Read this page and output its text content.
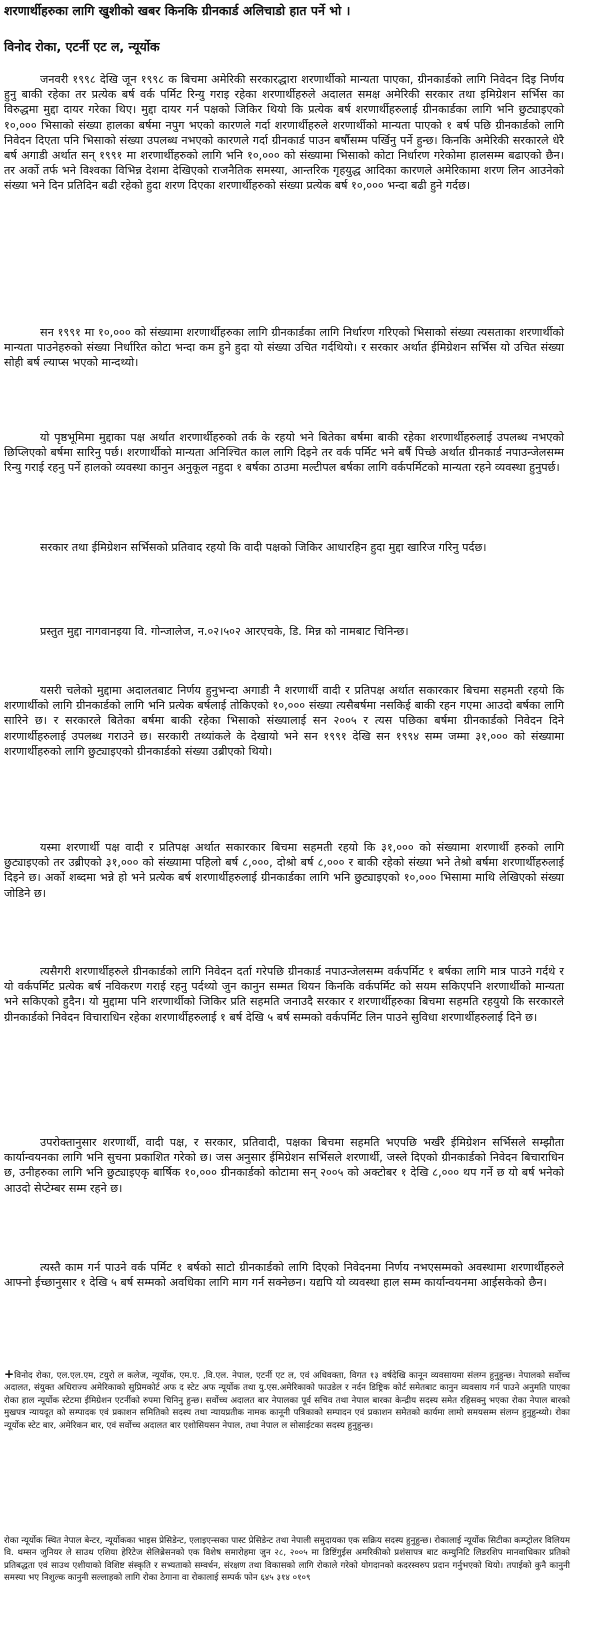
शरणार्थीहरुका लागि खुशीको खबर किनकि ग्रीनकार्ड अलिचाडो हात पर्ने भो ।
विनोद रोका, एटर्नी एट ल, न्यूर्योक
जनवरी १९९८ देखि जून १९९८ क बिचमा अमेरिकी सरकारद्धारा शरणार्थीको मान्यता पाएका, ग्रीनकार्डको लागि निवेदन दिइ निर्णय हुनु बाकी रहेका तर प्रत्येक बर्ष वर्क पर्मिट रिन्यु गराइ रहेका शरणार्थीहरुले अदालत समक्ष अमेरिकी सरकार तथा इमिग्रेशन सर्भिस का विरुद्धमा मुद्दा दायर गरेका थिए। मुद्दा दायर गर्न पक्षको जिकिर थियो कि प्रत्येक बर्ष शरणार्थीहरुलाई ग्रीनकार्डका लागि भनि छुट्याइएको १०,००० भिसाको संख्या हालका बर्षमा नपुग भएको कारणले गर्दा शरणार्थीहरुले शरणार्थीको मान्यता पाएको १ बर्ष पछि ग्रीनकार्डको लागि निवेदन दिएता पनि भिसाको संख्या उपलब्ध नभएको कारणले गर्दा ग्रीनकार्ड पाउन बर्षौसम्म पर्खिनु पर्ने हुन्छ। किनकि अमेरिकी सरकारले धेरै बर्ष अगाडी अर्थात सन् १९९१ मा शरणार्थीहरुको लागि भनि १०,००० को संख्यामा भिसाको कोटा निर्धारण गरेकोमा हालसम्म बढाएको छैन। तर अर्को तर्फ भने विश्वका विभिन्न देशमा देखिएको राजनैतिक समस्या, आन्तरिक गृहयुद्ध आदिका कारणले अमेरिकामा शरण लिन आउनेको संख्या भने दिन प्रतिदिन बढी रहेको हुदा शरण दिएका शरणार्थीहरुको संख्या प्रत्येक बर्ष १०,००० भन्दा बढी हुने गर्दछ।
सन १९९१ मा १०,००० को संख्यामा शरणार्थीहरुका लागि ग्रीनकार्डका लागि निर्धारण गरिएको भिसाको संख्या त्यसताका शरणार्थीको मान्यता पाउनेहरुको संख्या निर्धारित कोटा भन्दा कम हुने हुदा यो संख्या उचित गर्दथियो। र सरकार अर्थात ईमिग्रेशन सर्भिस यो उचित संख्या सोही बर्ष ल्याप्स भएको मान्दथ्यो।
यो पृष्ठभूमिमा मुद्दाका पक्ष अर्थात शरणार्थीहरुको तर्क के रहयो भने बितेका बर्षमा बाकी रहेका शरणार्थीहरुलाई उपलब्ध नभएको छिप्लिएको बर्षमा सारिनु पर्छ। शरणार्थीको मान्यता अनिश्चित काल लागि दिइने तर वर्क पर्मिट भने बर्षै पिच्छे अर्थात ग्रीनकार्ड नपाउन्जेलसम्म रिन्यु गराई रहनु पर्ने हालको व्यवस्था कानुन अनुकूल नहुदा १ बर्षका ठाउमा मल्टीपल बर्षका लागि वर्कपर्मिटको मान्यता रहने व्यवस्था हुनुपर्छ।
सरकार तथा ईमिग्रेशन सर्भिसको प्रतिवाद रहयो कि वादी पक्षको जिकिर आधारहिन हुदा मुद्दा खारिज गरिनु पर्दछ।
प्रस्तुत मुद्दा नागवानइया वि. गोन्जालेज, न.०२।५०२ आरएचके, डि. मिन्न को नामबाट चिनिन्छ।
यसरी चलेको मुद्दामा अदालतबाट निर्णय हुनुभन्दा अगाडी नै शरणार्थी वादी र प्रतिपक्ष अर्थात सकारकार बिचमा सहमती रहयो कि शरणार्थीको लागि ग्रीनकार्डको लागि भनि प्रत्येक बर्षलाई तोकिएको १०,००० संख्या त्यसैबर्षमा नसकिई बाकी रहन गएमा आउदो बर्षका लागि सारिने छ। र सरकारले बितेका बर्षमा बाकी रहेका भिसाको संख्यालाई सन २००५ र त्यस पछिका बर्षमा ग्रीनकार्डको निवेदन दिने शरणार्थीहरुलाई उपलब्ध गराउने छ। सरकारी तथ्यांकले के देखायो भने सन १९९१ देखि सन १९९४ सम्म जम्मा ३१,००० को संख्यामा शरणार्थीहरुको लागि छुट्याइएको ग्रीनकार्डको संख्या उब्रीएको थियो।
यस्मा शरणार्थी पक्ष वादी र प्रतिपक्ष अर्थात सकारकार बिचमा सहमती रहयो कि ३१,००० को संख्यामा शरणार्थी हरुको लागि छुट्याइएको तर उब्रीएको ३१,००० को संख्यामा पहिलो बर्ष ८,०००, दोश्रो बर्ष ८,००० र बाकी रहेको संख्या भने तेश्रो बर्षमा शरणार्थीहरुलाई दिइने छ। अर्को शब्दमा भन्ने हो भने प्रत्येक बर्ष शरणार्थीहरुलाई ग्रीनकार्डका लागि भनि छुट्याइएको १०,००० भिसामा माथि लेखिएको संख्या जोडिने छ।
त्यसैगरी शरणार्थीहरुले ग्रीनकार्डको लागि निवेदन दर्ता गरेपछि ग्रीनकार्ड नपाउन्जेलसम्म वर्कपर्मिट १ बर्षका लागि मात्र पाउने गर्दथे र यो वर्कपर्मिट प्रत्येक बर्ष नविकरण गराई रहनु पर्दथ्यो जुन कानुन सम्मत थियन किनकि वर्कपर्मिट को सयम सकिएपनि शरणार्थीको मान्यता भने सकिएको हुदैन। यो मुद्दामा पनि शरणार्थीको जिकिर प्रति सहमति जनाउदै सरकार र शरणार्थीहरुका बिचमा सहमति रहयुयो कि सरकारले ग्रीनकार्डको निवेदन विचाराधिन रहेका शरणार्थीहरुलाई १ बर्ष देखि ५ बर्ष सम्मको वर्कपर्मिट लिन पाउने सुविधा शरणार्थीहरुलाई दिने छ।
उपरोक्तानुसार शरणार्थी, वादी पक्ष, र सरकार, प्रतिवादी, पक्षका बिचमा सहमति भएपछि भर्खरै ईमिग्रेशन सर्भिसले सम्झौता कार्यान्वयनका लागि भनि सुचना प्रकाशित गरेको छ। जस अनुसार ईमिग्रेशन सर्भिसले शरणार्थी, जस्ले दिएको ग्रीनकार्डको निवेदन बिचाराधिन छ, उनीहरुका लागि भनि छुट्याइएकृ बार्षिक १०,००० ग्रीनकार्डको कोटामा सन् २००५ को अक्टोबर १ देखि ८,००० थप गर्ने छ यो बर्ष भनेको आउदो सेप्टेम्बर सम्म रहने छ।
त्यस्तै काम गर्न पाउने वर्क पर्मिट १ बर्षको साटो ग्रीनकार्डको लागि दिएको निवेदनमा निर्णय नभएसम्मको अवस्थामा शरणार्थीहरुले आफ्नो ईच्छानुसार १ देखि ५ बर्ष सम्मको अवधिका लागि माग गर्न सक्नेछन। यद्यपि यो व्यवस्था हाल सम्म कार्यान्वयनमा आईसकेको छैन।
+विनोद रोका, एल.एल.एम, टयुरो ल कलेज, न्यूर्योक, एम.ए. ,वि.एल. नेपाल, एटर्नी एट ल, एवं अधिवक्ता, विगत १३ वर्षदेखि कानून व्यवसायमा संलग्न हुनुहुन्छ। नेपालको सर्वोच्च अदालत, संयुक्त अधिराज्य अमेरिकाको सुप्रिमकोर्ट अफ द स्टेट अफ न्यूर्योक तथा यु.एस.अमेरिकाको फाउडेल र नर्दन डिष्ट्रिक कोर्ट समेतबाट कानुन व्यवसाय गर्न पाउने अनुमति पाएका रोका हाल न्यूर्योक स्टेटमा ईमिग्रेशन एटर्नीको रुपमा चिनिनु हुन्छ। सर्वोच्च अदालत बार नेपालका पूर्व सचिव तथा नेपाल बारका केन्द्रीय सदस्य समेत रहिसक्नु भएका रोका नेपाल बारको मुखपत्र न्यायदूत को सम्पादक एवं प्रकाशन समितिको सदस्य तथा न्यायप्रतीक नामक कानूनी पत्रिकाको सम्पादन एवं प्रकाशन समेतको कार्यमा लामो समयसम्म संलग्न हुनुहुन्थ्यो। रोका न्यूर्योक स्टेट बार, अमेरिकन बार, एवं सर्वोच्च अदालत बार एशोसियसन नेपाल, तथा नेपाल ल सोसाईटका सदस्य हुनुहुन्छ।
रोका न्यूर्योक स्थित नेपाल बेन्टर, न्यूर्योकका भाइस प्रेसिडेन्ट, एलाइएन्सका पास्ट प्रेसिडेन्ट तथा नेपाली समुदायका एक सक्रिय सदस्य हुनुहुन्छ। रोकालाई न्यूर्योक सिटीका कम्प्ट्रोलर विलियम वि. थम्सन जुनियर ले साउथ एशिया हेरिटेज सेलिब्रेसनको एक विशेष समारोहमा जुन २८, २००५ मा डिष्टिंगुईस अमरिकीको प्रशंसापत्र बाट कम्युनिटि लिडरशिप मानवाधिकार प्रतिको प्रतिबद्धता एवं साउथ एशीयाको विशिष्ट संस्कृति र सभ्यताको सम्वर्धन, संरक्षण तथा विकासको लागि रोकाले गरेको योगदानको कदरस्वरुप प्रदान गर्नुभएको थियो। तपाईको कुनै कानुनी समस्या भए निशुल्क कानुनी सल्लाहको लागि रोका ठेगाना वा रोकालाई सम्पर्क फोन ६४५ ३१४ ०१०९
